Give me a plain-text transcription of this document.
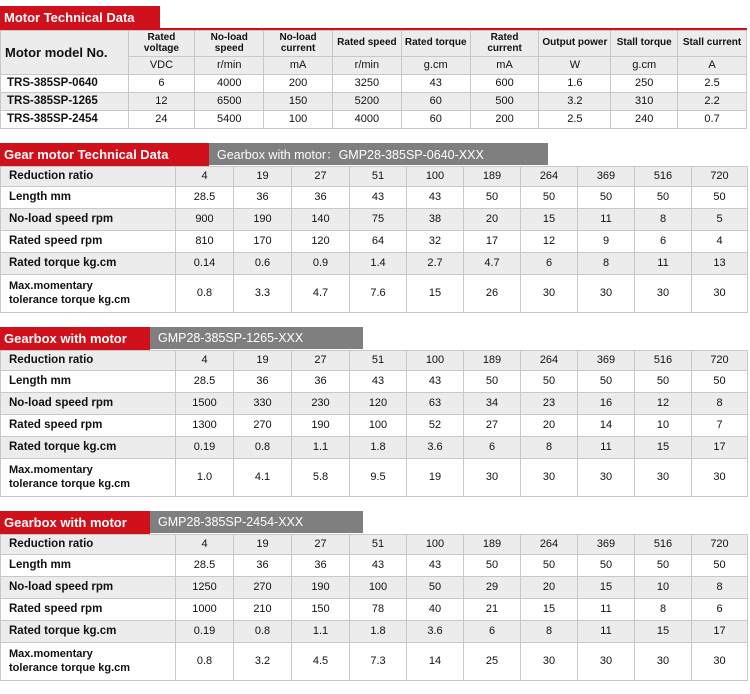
Motor Technical Data
Motor model No.	Rated voltage	No-load speed	No-load current	Rated speed	Rated torque	Rated current	Output power	Stall torque	Stall current
	VDC	r/min	mA	r/min	g.cm	mA	W	g.cm	A
TRS-385SP-0640	6	4000	200	3250	43	600	1.6	250	2.5
TRS-385SP-1265	12	6500	150	5200	60	500	3.2	310	2.2
TRS-385SP-2454	24	5400	100	4000	60	200	2.5	240	0.7
Gear motor Technical Data	Gearbox with motor：GMP28-385SP-0640-XXX
Reduction ratio	4	19	27	51	100	189	264	369	516	720
Length mm	28.5	36	36	43	43	50	50	50	50	50
No-load speed rpm	900	190	140	75	38	20	15	11	8	5
Rated speed rpm	810	170	120	64	32	17	12	9	6	4
Rated torque kg.cm	0.14	0.6	0.9	1.4	2.7	4.7	6	8	11	13
Max.momentary
tolerance torque kg.cm	0.8	3.3	4.7	7.6	15	26	30	30	30	30
Gearbox with motor	GMP28-385SP-1265-XXX
Reduction ratio	4	19	27	51	100	189	264	369	516	720
Length mm	28.5	36	36	43	43	50	50	50	50	50
No-load speed rpm	1500	330	230	120	63	34	23	16	12	8
Rated speed rpm	1300	270	190	100	52	27	20	14	10	7
Rated torque kg.cm	0.19	0.8	1.1	1.8	3.6	6	8	11	15	17
Max.momentary
tolerance torque kg.cm	1.0	4.1	5.8	9.5	19	30	30	30	30	30
Gearbox with motor	GMP28-385SP-2454-XXX
Reduction ratio	4	19	27	51	100	189	264	369	516	720
Length mm	28.5	36	36	43	43	50	50	50	50	50
No-load speed rpm	1250	270	190	100	50	29	20	15	10	8
Rated speed rpm	1000	210	150	78	40	21	15	11	8	6
Rated torque kg.cm	0.19	0.8	1.1	1.8	3.6	6	8	11	15	17
Max.momentary
tolerance torque kg.cm	0.8	3.2	4.5	7.3	14	25	30	30	30	30
